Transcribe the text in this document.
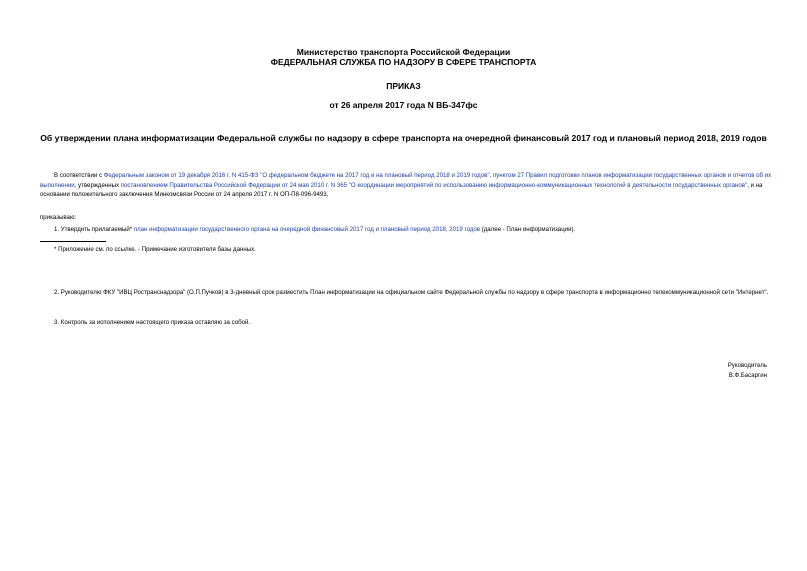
Министерство транспорта Российской Федерации
ФЕДЕРАЛЬНАЯ СЛУЖБА ПО НАДЗОРУ В СФЕРЕ ТРАНСПОРТА
ПРИКАЗ
от 26 апреля 2017 года N ВБ-347фс
Об утверждении плана информатизации Федеральной службы по надзору в сфере транспорта на очередной финансовый 2017 год и плановый период 2018, 2019 годов
В соответствии с Федеральным законом от 19 декабря 2016 г. N 415-ФЗ "О федеральном бюджете на 2017 год и на плановый период 2018 и 2019 годов", пунктом 27 Правил подготовки планов информатизации государственных органов и отчетов об их выполнении, утвержденных постановлением Правительства Российской Федерации от 24 мая 2010 г. N 365 "О координации мероприятий по использованию информационно-коммуникационных технологий в деятельности государственных органов", и на основании положительного заключения Минкомсвязи России от 24 апреля 2017 г. N ОП-П8-096-9493,
приказываю:
1. Утвердить прилагаемый* план информатизации государственного органа на очередной финансовый 2017 год и плановый период 2018, 2019 годов (далее - План информатизации).
* Приложение см. по ссылке. - Примечание изготовителя базы данных.
2. Руководителю ФКУ "ИВЦ Ространснадзора" (О.П.Пучков) в 3-дневный срок разместить План информатизации на официальном сайте Федеральной службы по надзору в сфере транспорта в информационно телекоммуникационной сети "Интернет".
3. Контроль за исполнением настоящего приказа оставляю за собой.
Руководитель
В.Ф.Басаргин
